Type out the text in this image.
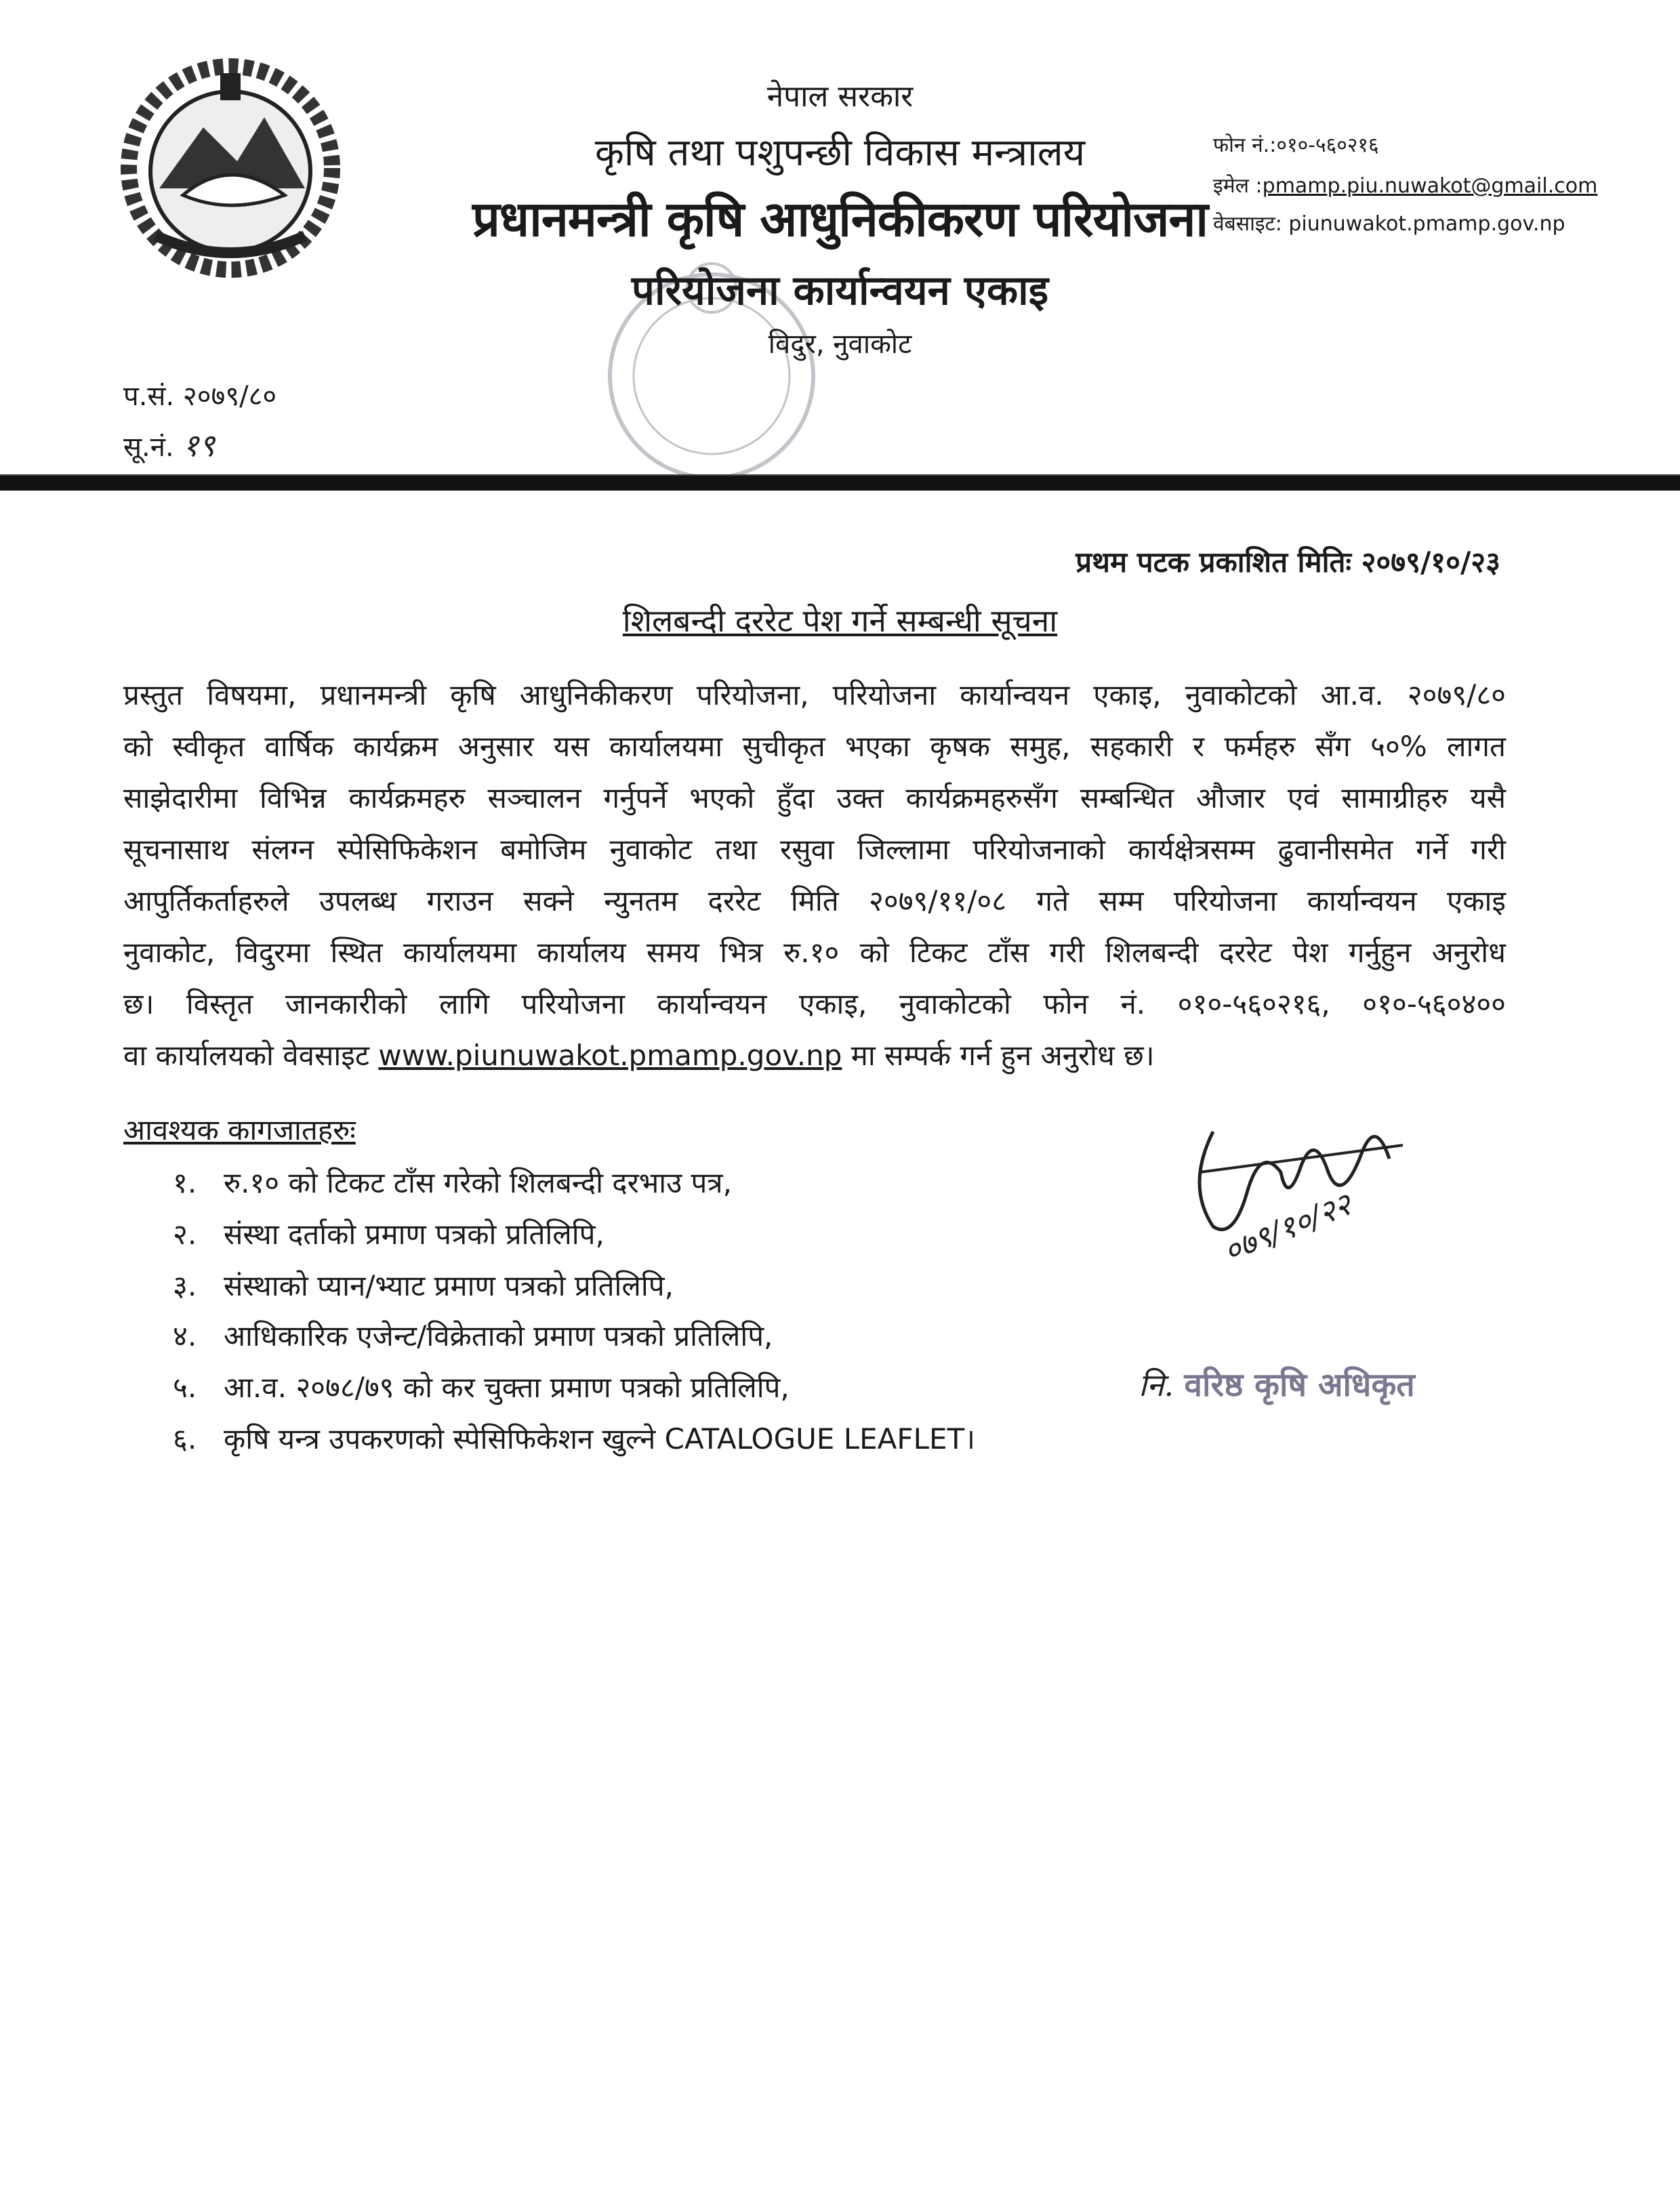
नेपाल सरकार
कृषि तथा पशुपन्छी विकास मन्त्रालय
प्रधानमन्त्री कृषि आधुनिकीकरण परियोजना
परियोजना कार्यान्वयन एकाइ
विदुर, नुवाकोट
फोन नं.:०१०-५६०२१६
इमेल :pmamp.piu.nuwakot@gmail.com
वेबसाइट: piunuwakot.pmamp.gov.np
प.सं. २०७९/८०
सू.नं. १९
प्रथम पटक प्रकाशित मितिः २०७९/१०/२३
शिलबन्दी दररेट पेश गर्ने सम्बन्धी सूचना
प्रस्तुत विषयमा, प्रधानमन्त्री कृषि आधुनिकीकरण परियोजना, परियोजना कार्यान्वयन एकाइ, नुवाकोटको आ.व. २०७९/८०
को स्वीकृत वार्षिक कार्यक्रम अनुसार यस कार्यालयमा सुचीकृत भएका कृषक समुह, सहकारी र फर्महरु सँग ५०% लागत
साझेदारीमा विभिन्न कार्यक्रमहरु सञ्चालन गर्नुपर्ने भएको हुँदा उक्त कार्यक्रमहरुसँग सम्बन्धित औजार एवं सामाग्रीहरु यसै
सूचनासाथ संलग्न स्पेसिफिकेशन बमोजिम नुवाकोट तथा रसुवा जिल्लामा परियोजनाको कार्यक्षेत्रसम्म ढुवानीसमेत गर्ने गरी
आपुर्तिकर्ताहरुले उपलब्ध गराउन सक्ने न्युनतम दररेट मिति २०७९/११/०८ गते सम्म परियोजना कार्यान्वयन एकाइ
नुवाकोट, विदुरमा स्थित कार्यालयमा कार्यालय समय भित्र रु.१० को टिकट टाँस गरी शिलबन्दी दररेट पेश गर्नुहुन अनुरोध
छ। विस्तृत जानकारीको लागि परियोजना कार्यान्वयन एकाइ, नुवाकोटको फोन नं. ०१०-५६०२१६, ०१०-५६०४००
वा कार्यालयको वेवसाइट www.piunuwakot.pmamp.gov.np मा सम्पर्क गर्न हुन अनुरोध छ।
आवश्यक कागजातहरुः
१. रु.१० को टिकट टाँस गरेको शिलबन्दी दरभाउ पत्र,
२. संस्था दर्ताको प्रमाण पत्रको प्रतिलिपि,
३. संस्थाको प्यान/भ्याट प्रमाण पत्रको प्रतिलिपि,
४. आधिकारिक एजेन्ट/विक्रेताको प्रमाण पत्रको प्रतिलिपि,
५. आ.व. २०७८/७९ को कर चुक्ता प्रमाण पत्रको प्रतिलिपि,
६. कृषि यन्त्र उपकरणको स्पेसिफिकेशन खुल्ने CATALOGUE LEAFLET।
०७९/१०/२२
नि. वरिष्ठ कृषि अधिकृत
